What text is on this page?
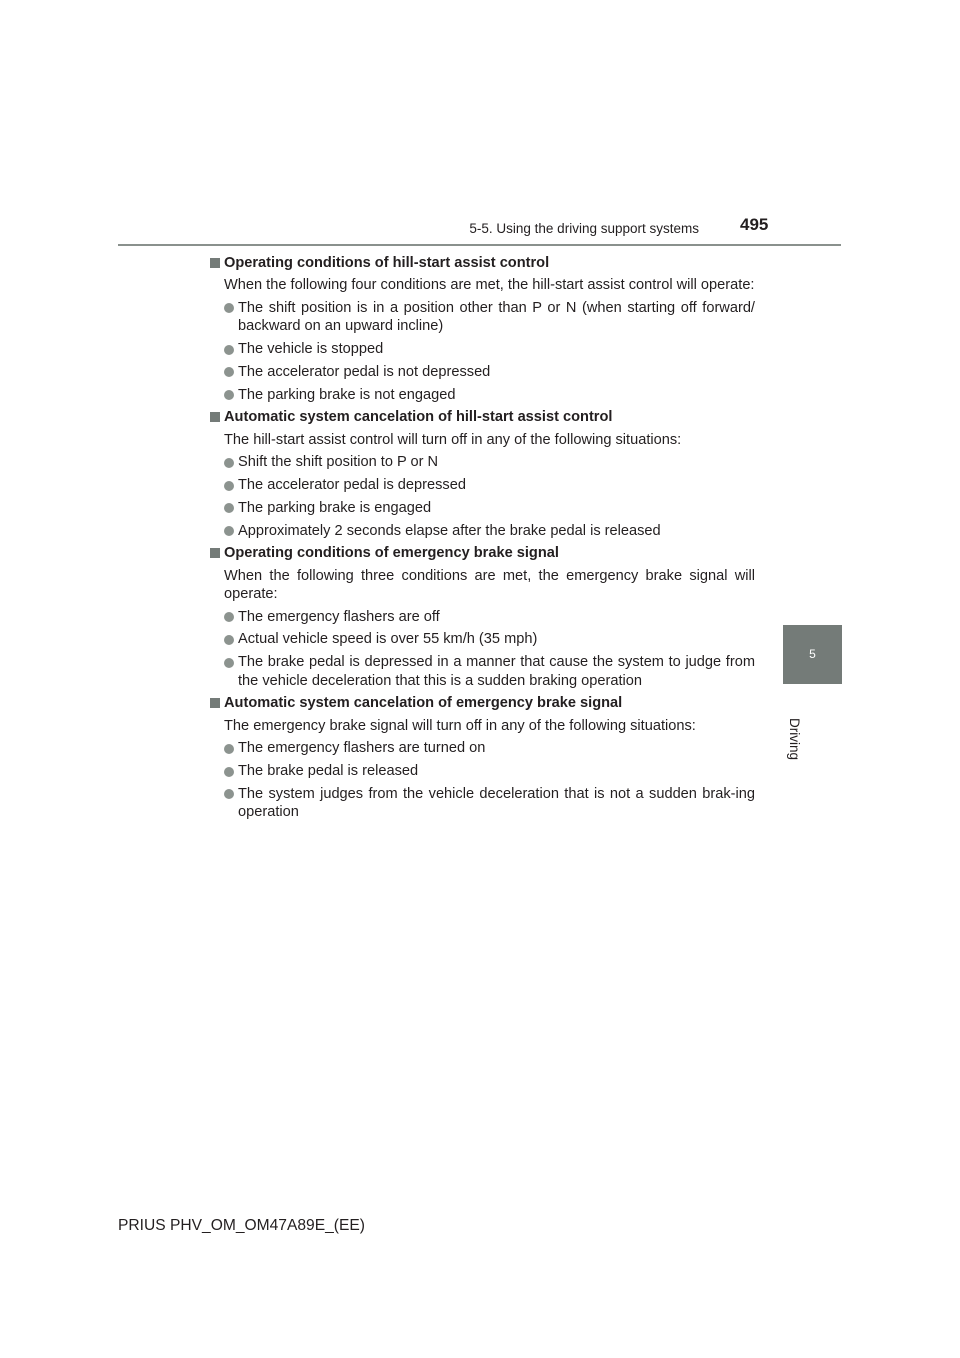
5-5. Using the driving support systems 495
5
Driving
Operating conditions of hill-start assist control

When the following four conditions are met, the hill-start assist control will operate:

The shift position is in a position other than P or N (when starting off forward/ backward on an upward incline)
The vehicle is stopped
The accelerator pedal is not depressed
The parking brake is not engaged
Automatic system cancelation of hill-start assist control

The hill-start assist control will turn off in any of the following situations:

Shift the shift position to P or N
The accelerator pedal is depressed
The parking brake is engaged
Approximately 2 seconds elapse after the brake pedal is released
Operating conditions of emergency brake signal

When the following three conditions are met, the emergency brake signal will operate:

The emergency flashers are off
Actual vehicle speed is over 55 km/h (35 mph)
The brake pedal is depressed in a manner that cause the system to judge from the vehicle deceleration that this is a sudden braking operation
Automatic system cancelation of emergency brake signal

The emergency brake signal will turn off in any of the following situations:

The emergency flashers are turned on
The brake pedal is released
The system judges from the vehicle deceleration that is not a sudden brak-ing operation
PRIUS PHV_OM_OM47A89E_(EE)
